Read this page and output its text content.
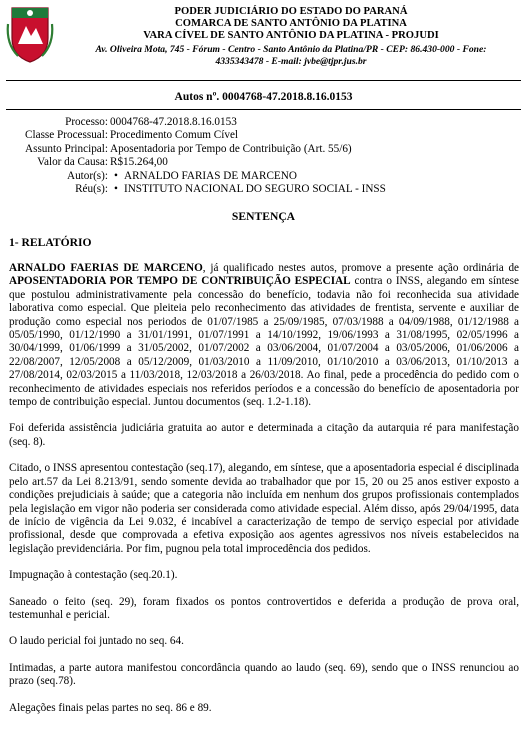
PODER JUDICIÁRIO DO ESTADO DO PARANÁ
COMARCA DE SANTO ANTÔNIO DA PLATINA
VARA CÍVEL DE SANTO ANTÔNIO DA PLATINA - PROJUDI
Av. Oliveira Mota, 745 - Fórum - Centro - Santo Antônio da Platina/PR - CEP: 86.430-000 - Fone:
4335343478 - E-mail: jvbe@tjpr.jus.br
Autos nº. 0004768-47.2018.8.16.0153
Processo: 0004768-47.2018.8.16.0153
Classe Processual: Procedimento Comum Cível
Assunto Principal: Aposentadoria por Tempo de Contribuição (Art. 55/6)
Valor da Causa: R$15.264,00
Autor(s): • ARNALDO FARIAS DE MARCENO
Réu(s): • INSTITUTO NACIONAL DO SEGURO SOCIAL - INSS
SENTENÇA
1- RELATÓRIO

ARNALDO FAERIAS DE MARCENO, já qualificado nestes autos, promove a presente ação ordinária de APOSENTADORIA POR TEMPO DE CONTRIBUIÇÃO ESPECIAL contra o INSS, alegando em síntese que postulou administrativamente pela concessão do benefício, todavia não foi reconhecida sua atividade laborativa como especial. Que pleiteia pelo reconhecimento das atividades de frentista, servente e auxiliar de produção como especial nos periodos de 01/07/1985 a 25/09/1985, 07/03/1988 a 04/09/1988, 01/12/1988 a 05/05/1990, 01/12/1990 a 31/01/1991, 01/07/1991 a 14/10/1992, 19/06/1993 a 31/08/1995, 02/05/1996 a 30/04/1999, 01/06/1999 a 31/05/2002, 01/07/2002 a 03/06/2004, 01/07/2004 a 03/05/2006, 01/06/2006 a 22/08/2007, 12/05/2008 a 05/12/2009, 01/03/2010 a 11/09/2010, 01/10/2010 a 03/06/2013, 01/10/2013 a 27/08/2014, 02/03/2015 a 11/03/2018, 12/03/2018 a 26/03/2018. Ao final, pede a procedência do pedido com o reconhecimento de atividades especiais nos referidos períodos e a concessão do benefício de aposentadoria por tempo de contribuição especial. Juntou documentos (seq. 1.2-1.18).

Foi deferida assistência judiciária gratuita ao autor e determinada a citação da autarquia ré para manifestação (seq. 8).

Citado, o INSS apresentou contestação (seq.17), alegando, em síntese, que a aposentadoria especial é disciplinada pelo art.57 da Lei 8.213/91, sendo somente devida ao trabalhador que por 15, 20 ou 25 anos estiver exposto a condições prejudiciais à saúde; que a categoria não incluída em nenhum dos grupos profissionais contemplados pela legislação em vigor não poderia ser considerada como atividade especial. Além disso, após 29/04/1995, data de início de vigência da Lei 9.032, é incabível a caracterização de tempo de serviço especial por atividade profissional, desde que comprovada a efetiva exposição aos agentes agressivos nos níveis estabelecidos na legislação previdenciária. Por fim, pugnou pela total improcedência dos pedidos.

Impugnação à contestação (seq.20.1).

Saneado o feito (seq. 29), foram fixados os pontos controvertidos e deferida a produção de prova oral, testemunhal e pericial.

O laudo pericial foi juntado no seq. 64.

Intimadas, a parte autora manifestou concordância quando ao laudo (seq. 69), sendo que o INSS renunciou ao prazo (seq.78).

Alegações finais pelas partes no seq. 86 e 89.
